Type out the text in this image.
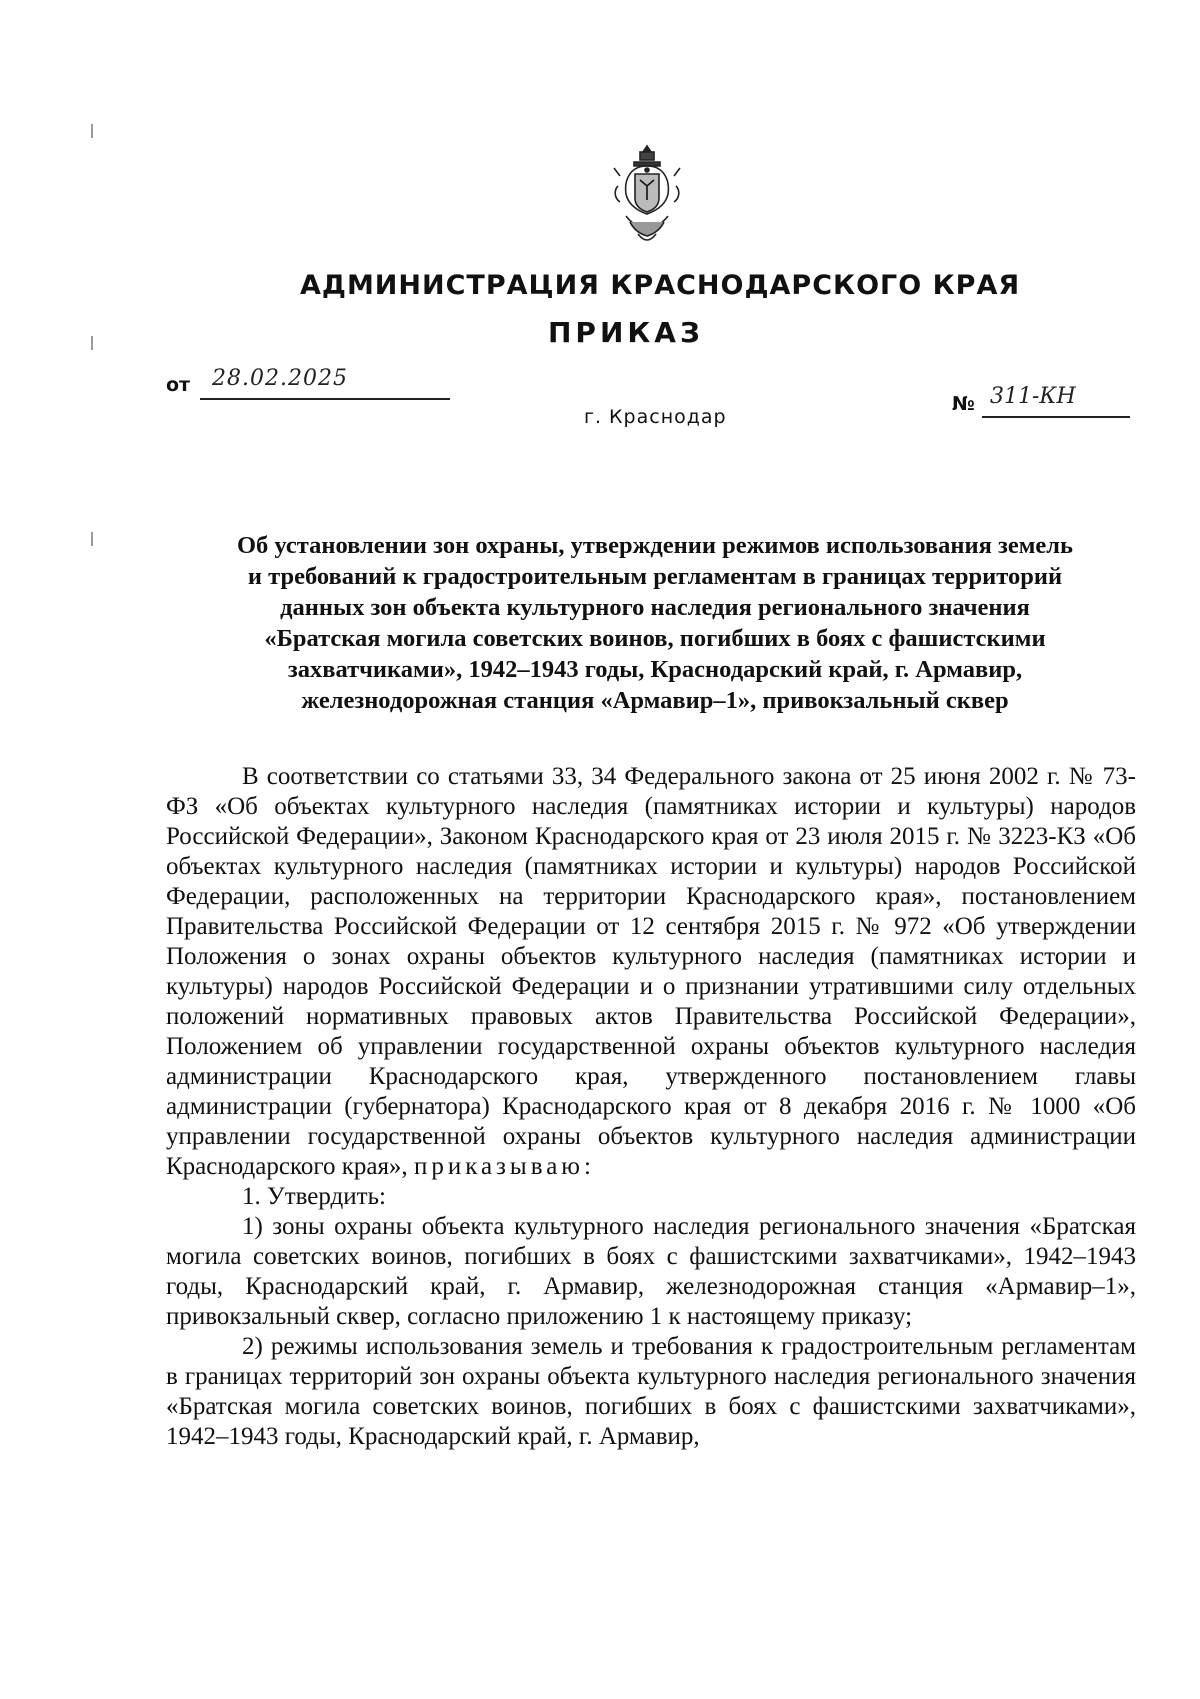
АДМИНИСТРАЦИЯ КРАСНОДАРСКОГО КРАЯ
ПРИКАЗ
от 28.02.2025
г. Краснодар
№ 311-КН
Об установлении зон охраны, утверждении режимов использования земель
и требований к градостроительным регламентам в границах территорий
данных зон объекта культурного наследия регионального значения
«Братская могила советских воинов, погибших в боях с фашистскими
захватчиками», 1942–1943 годы, Краснодарский край, г. Армавир,
железнодорожная станция «Армавир–1», привокзальный сквер

В соответствии со статьями 33, 34 Федерального закона от 25 июня 2002 г. № 73-ФЗ «Об объектах культурного наследия (памятниках истории и культуры) народов Российской Федерации», Законом Краснодарского края от 23 июля 2015 г. № 3223-КЗ «Об объектах культурного наследия (памятниках истории и культуры) народов Российской Федерации, расположенных на территории Краснодарского края», постановлением Правительства Российской Федерации от 12 сентября 2015 г. № 972 «Об утверждении Положения о зонах охраны объектов культурного наследия (памятниках истории и культуры) народов Российской Федерации и о признании утратившими силу отдельных положений нормативных правовых актов Правительства Российской Федерации», Положением об управлении государственной охраны объектов культурного наследия администрации Краснодарского края, утвержденного постановлением главы администрации (губернатора) Краснодарского края от 8 декабря 2016 г. № 1000 «Об управлении государственной охраны объектов культурного наследия администрации Краснодарского края», приказываю:

1. Утвердить:

1) зоны охраны объекта культурного наследия регионального значения «Братская могила советских воинов, погибших в боях с фашистскими захватчиками», 1942–1943 годы, Краснодарский край, г. Армавир, железнодорожная станция «Армавир–1», привокзальный сквер, согласно приложению 1 к настоящему приказу;

2) режимы использования земель и требования к градостроительным регламентам в границах территорий зон охраны объекта культурного наследия регионального значения «Братская могила советских воинов, погибших в боях с фашистскими захватчиками», 1942–1943 годы, Краснодарский край, г. Армавир,
